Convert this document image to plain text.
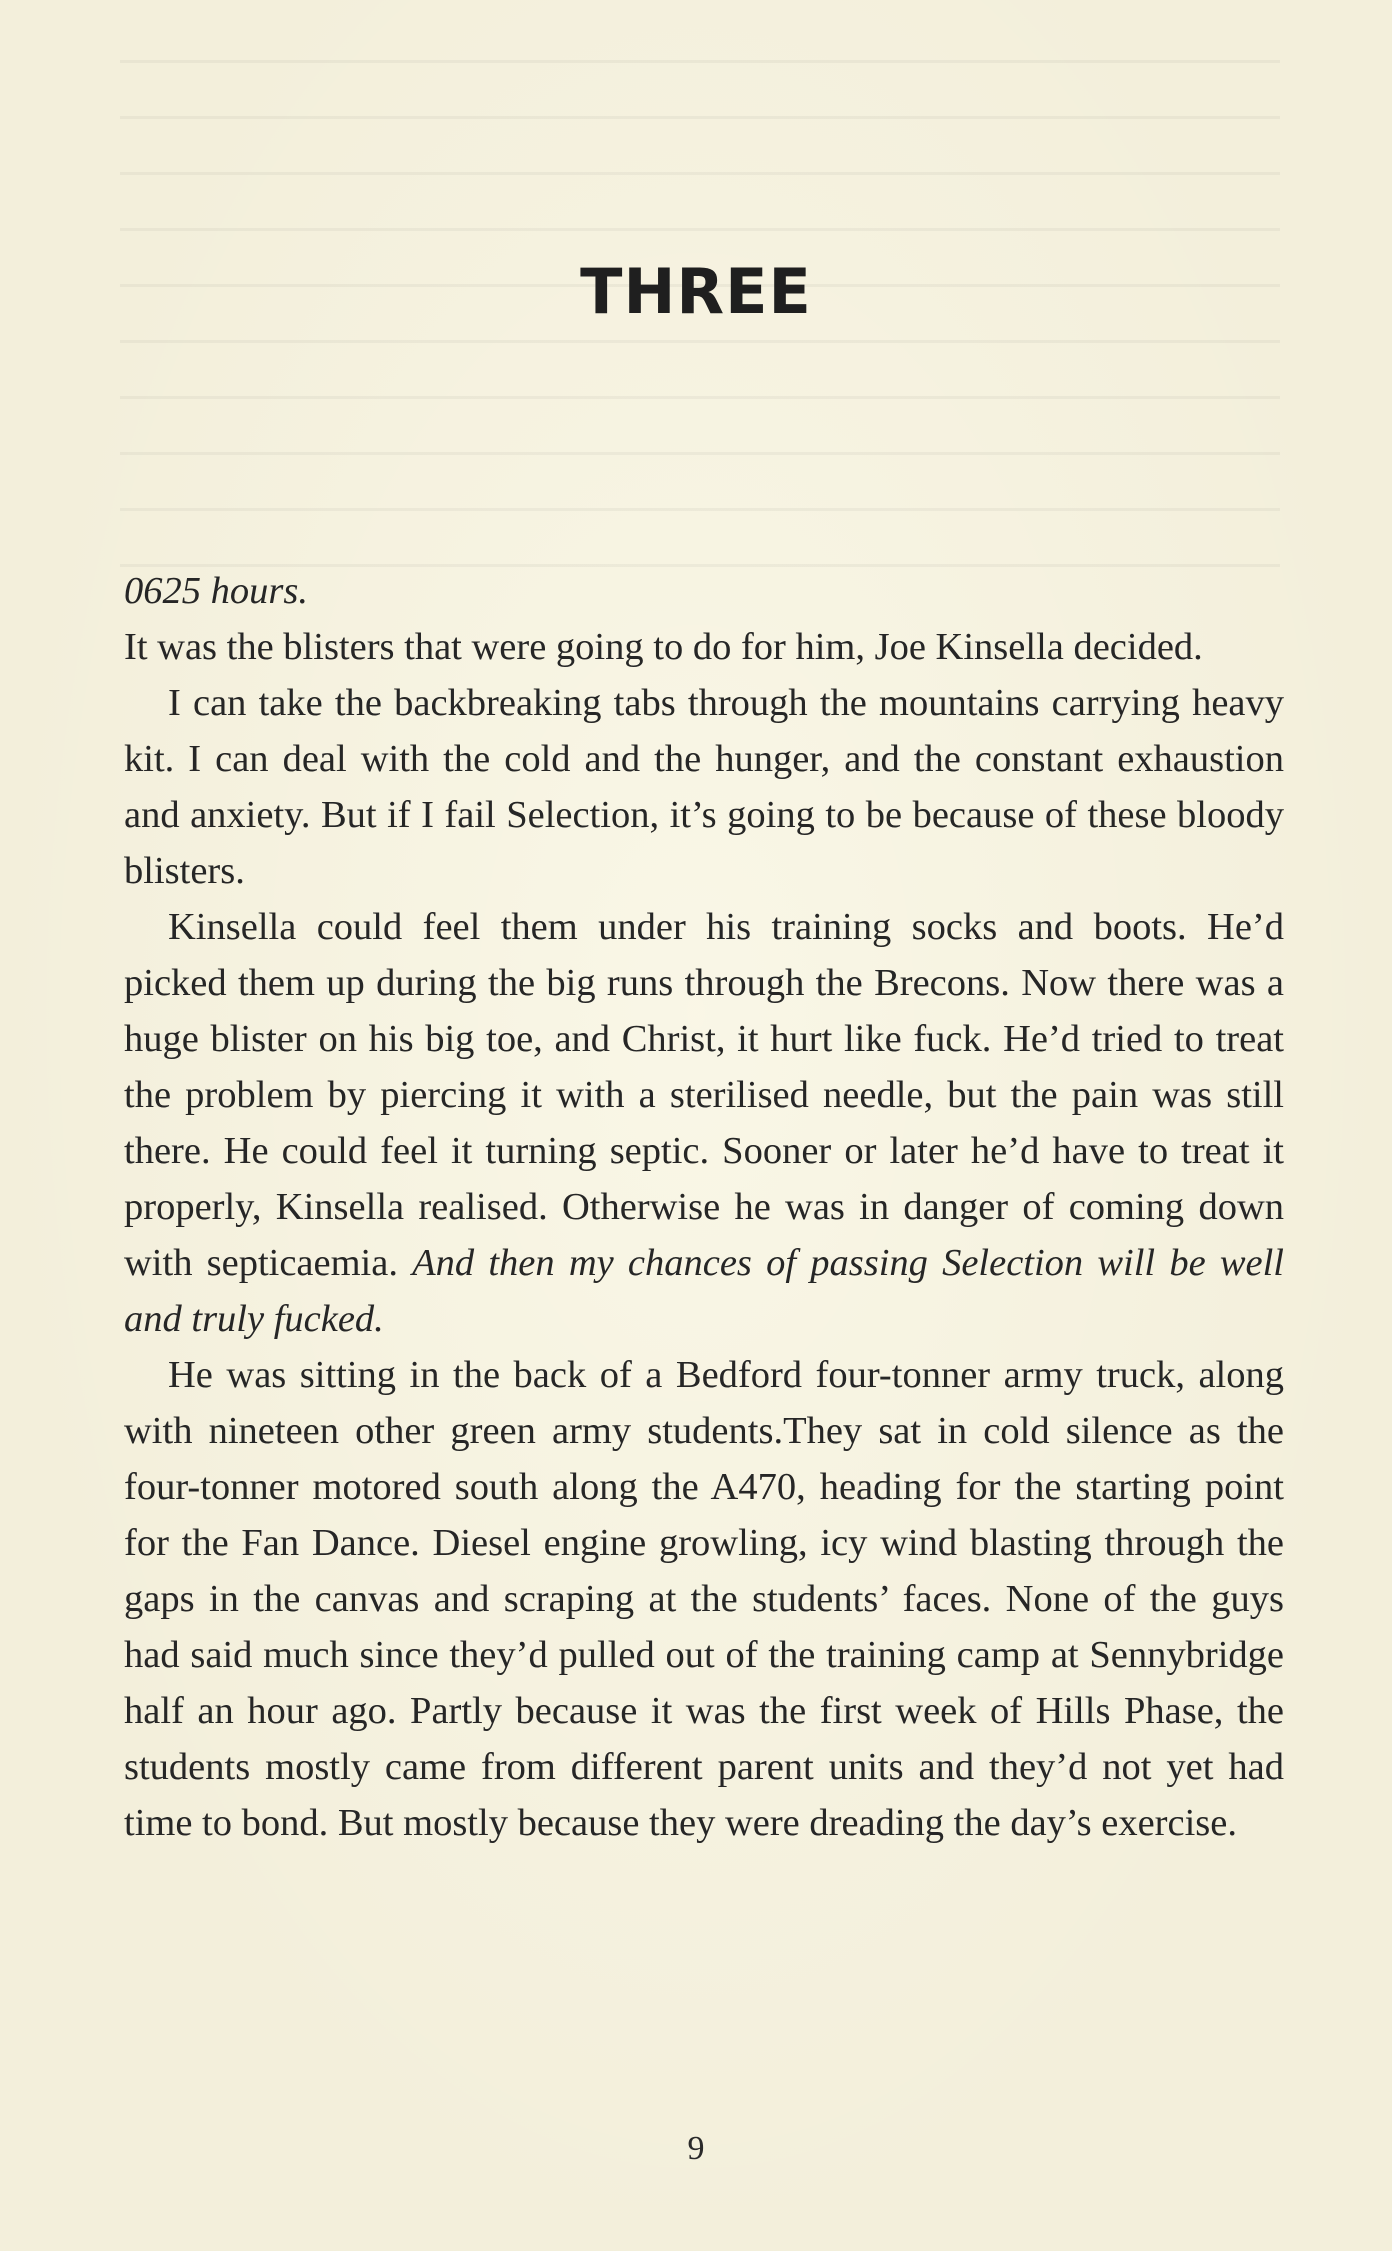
THREE

0625 hours.

It was the blisters that were going to do for him, Joe Kinsella decided.

I can take the backbreaking tabs through the mountains carrying heavy kit. I can deal with the cold and the hunger, and the constant exhaustion and anxiety. But if I fail Selection, it’s going to be because of these bloody blisters.

Kinsella could feel them under his training socks and boots. He’d picked them up during the big runs through the Brecons. Now there was a huge blister on his big toe, and Christ, it hurt like fuck. He’d tried to treat the problem by piercing it with a sterilised needle, but the pain was still there. He could feel it turning septic. Sooner or later he’d have to treat it properly, Kinsella realised. Otherwise he was in danger of coming down with septicaemia. And then my chances of passing Selection will be well and truly fucked.

He was sitting in the back of a Bedford four-tonner army truck, along with nineteen other green army students.They sat in cold silence as the four-tonner motored south along the A470, heading for the starting point for the Fan Dance. Diesel engine growling, icy wind blasting through the gaps in the canvas and scraping at the students’ faces. None of the guys had said much since they’d pulled out of the training camp at Sennybridge half an hour ago. Partly because it was the first week of Hills Phase, the students mostly came from different parent units and they’d not yet had time to bond. But mostly because they were dreading the day’s exercise.

9
